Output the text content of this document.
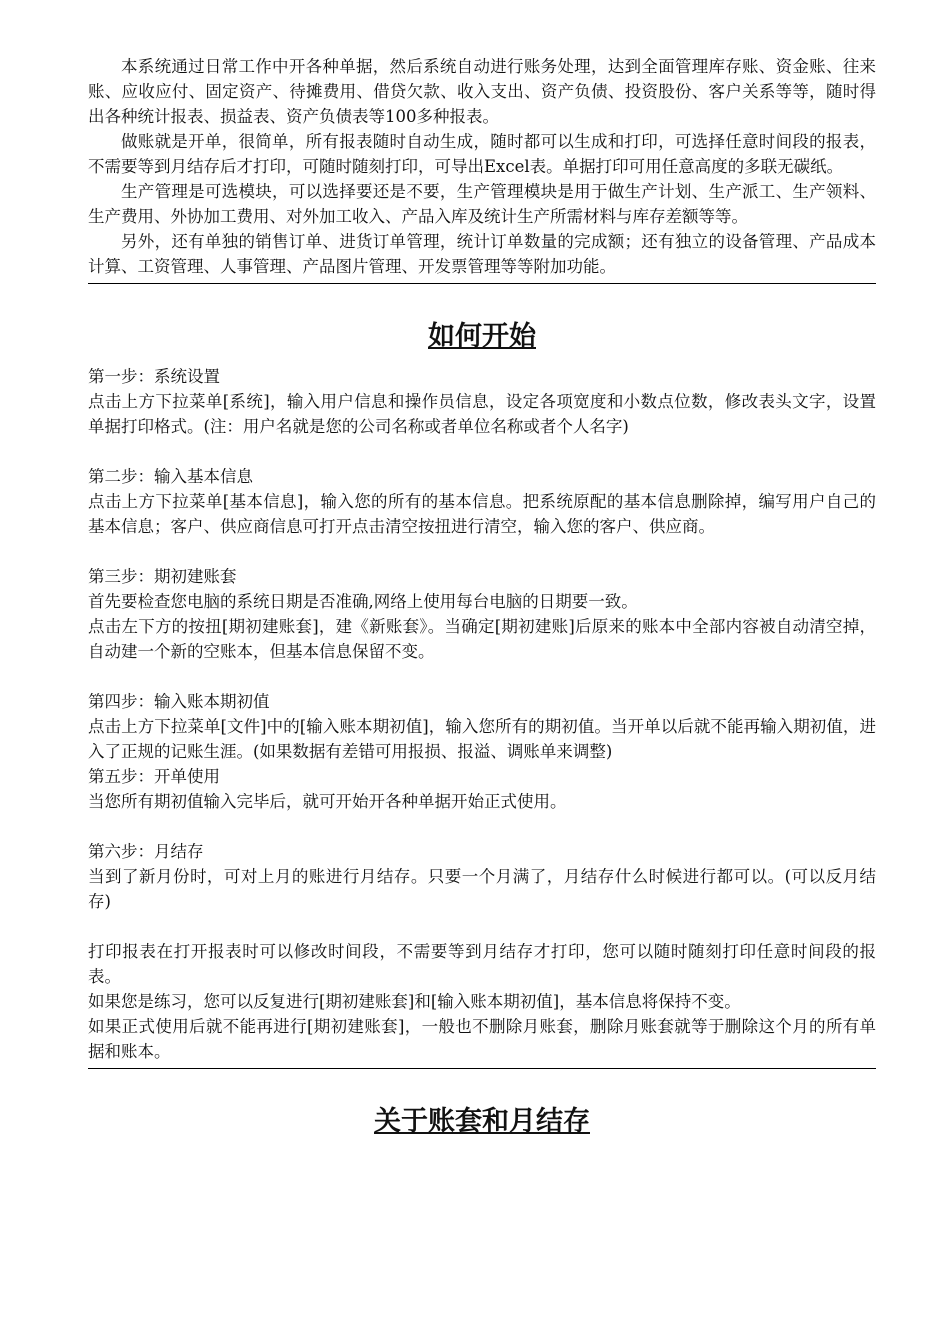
本系统通过日常工作中开各种单据，然后系统自动进行账务处理，达到全面管理库存账、资金账、往来账、应收应付、固定资产、待摊费用、借贷欠款、收入支出、资产负债、投资股份、客户关系等等，随时得出各种统计报表、损益表、资产负债表等100多种报表。

做账就是开单，很简单，所有报表随时自动生成，随时都可以生成和打印，可选择任意时间段的报表，不需要等到月结存后才打印，可随时随刻打印，可导出Excel表。单据打印可用任意高度的多联无碳纸。

生产管理是可选模块，可以选择要还是不要，生产管理模块是用于做生产计划、生产派工、生产领料、生产费用、外协加工费用、对外加工收入、产品入库及统计生产所需材料与库存差额等等。

另外，还有单独的销售订单、进货订单管理，统计订单数量的完成额；还有独立的设备管理、产品成本计算、工资管理、人事管理、产品图片管理、开发票管理等等附加功能。

如何开始

第一步：系统设置

点击上方下拉菜单[系统]，输入用户信息和操作员信息，设定各项宽度和小数点位数，修改表头文字，设置单据打印格式。(注：用户名就是您的公司名称或者单位名称或者个人名字)

第二步：输入基本信息

点击上方下拉菜单[基本信息]，输入您的所有的基本信息。把系统原配的基本信息删除掉，编写用户自己的基本信息；客户、供应商信息可打开点击清空按扭进行清空，输入您的客户、供应商。

第三步：期初建账套

首先要检查您电脑的系统日期是否准确,网络上使用每台电脑的日期要一致。

点击左下方的按扭[期初建账套]，建《新账套》。当确定[期初建账]后原来的账本中全部内容被自动清空掉，自动建一个新的空账本，但基本信息保留不变。

第四步：输入账本期初值

点击上方下拉菜单[文件]中的[输入账本期初值]，输入您所有的期初值。当开单以后就不能再输入期初值，进入了正规的记账生涯。(如果数据有差错可用报损、报溢、调账单来调整)

第五步：开单使用

当您所有期初值输入完毕后，就可开始开各种单据开始正式使用。

第六步：月结存

当到了新月份时，可对上月的账进行月结存。只要一个月满了，月结存什么时候进行都可以。(可以反月结存)

打印报表在打开报表时可以修改时间段，不需要等到月结存才打印，您可以随时随刻打印任意时间段的报表。

如果您是练习，您可以反复进行[期初建账套]和[输入账本期初值]，基本信息将保持不变。

如果正式使用后就不能再进行[期初建账套]，一般也不删除月账套，删除月账套就等于删除这个月的所有单据和账本。

关于账套和月结存
